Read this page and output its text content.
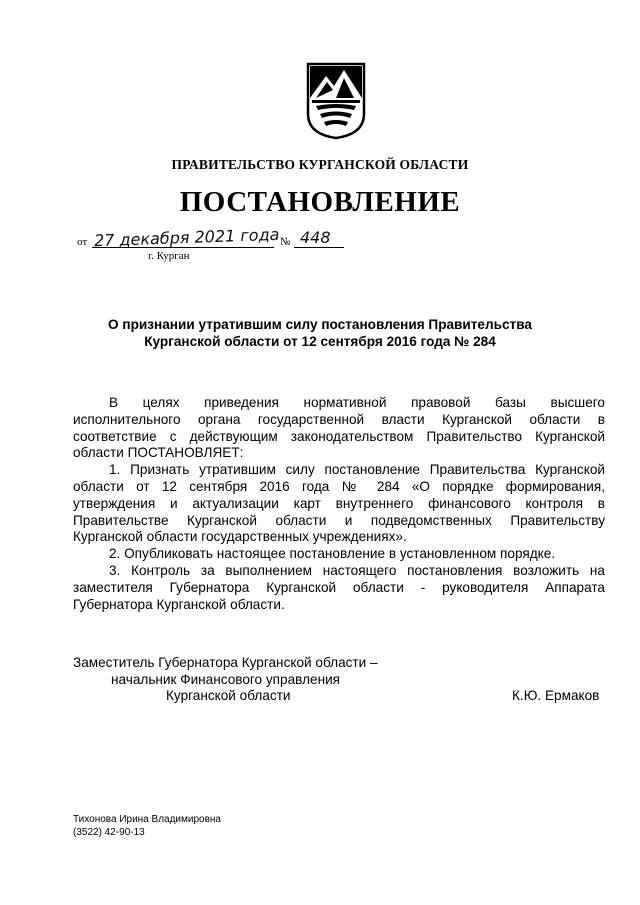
ПРАВИТЕЛЬСТВО КУРГАНСКОЙ ОБЛАСТИ
ПОСТАНОВЛЕНИЕ
от 27 декабря 2021 года № 448
г. Курган
О признании утратившим силу постановления Правительства
Курганской области от 12 сентября 2016 года № 284
В целях приведения нормативной правовой базы высшего
исполнительного органа государственной власти Курганской области в
соответствие с действующим законодательством Правительство Курганской
области ПОСТАНОВЛЯЕТ:
1. Признать утратившим силу постановление Правительства Курганской
области от 12 сентября 2016 года № 284 «О порядке формирования,
утверждения и актуализации карт внутреннего финансового контроля в
Правительстве Курганской области и подведомственных Правительству
Курганской области государственных учреждениях».
2. Опубликовать настоящее постановление в установленном порядке.
3. Контроль за выполнением настоящего постановления возложить на
заместителя Губернатора Курганской области - руководителя Аппарата
Губернатора Курганской области.
Заместитель Губернатора Курганской области –
начальник Финансового управления
Курганской области	К.Ю. Ермаков
Тихонова Ирина Владимировна
(3522) 42-90-13
